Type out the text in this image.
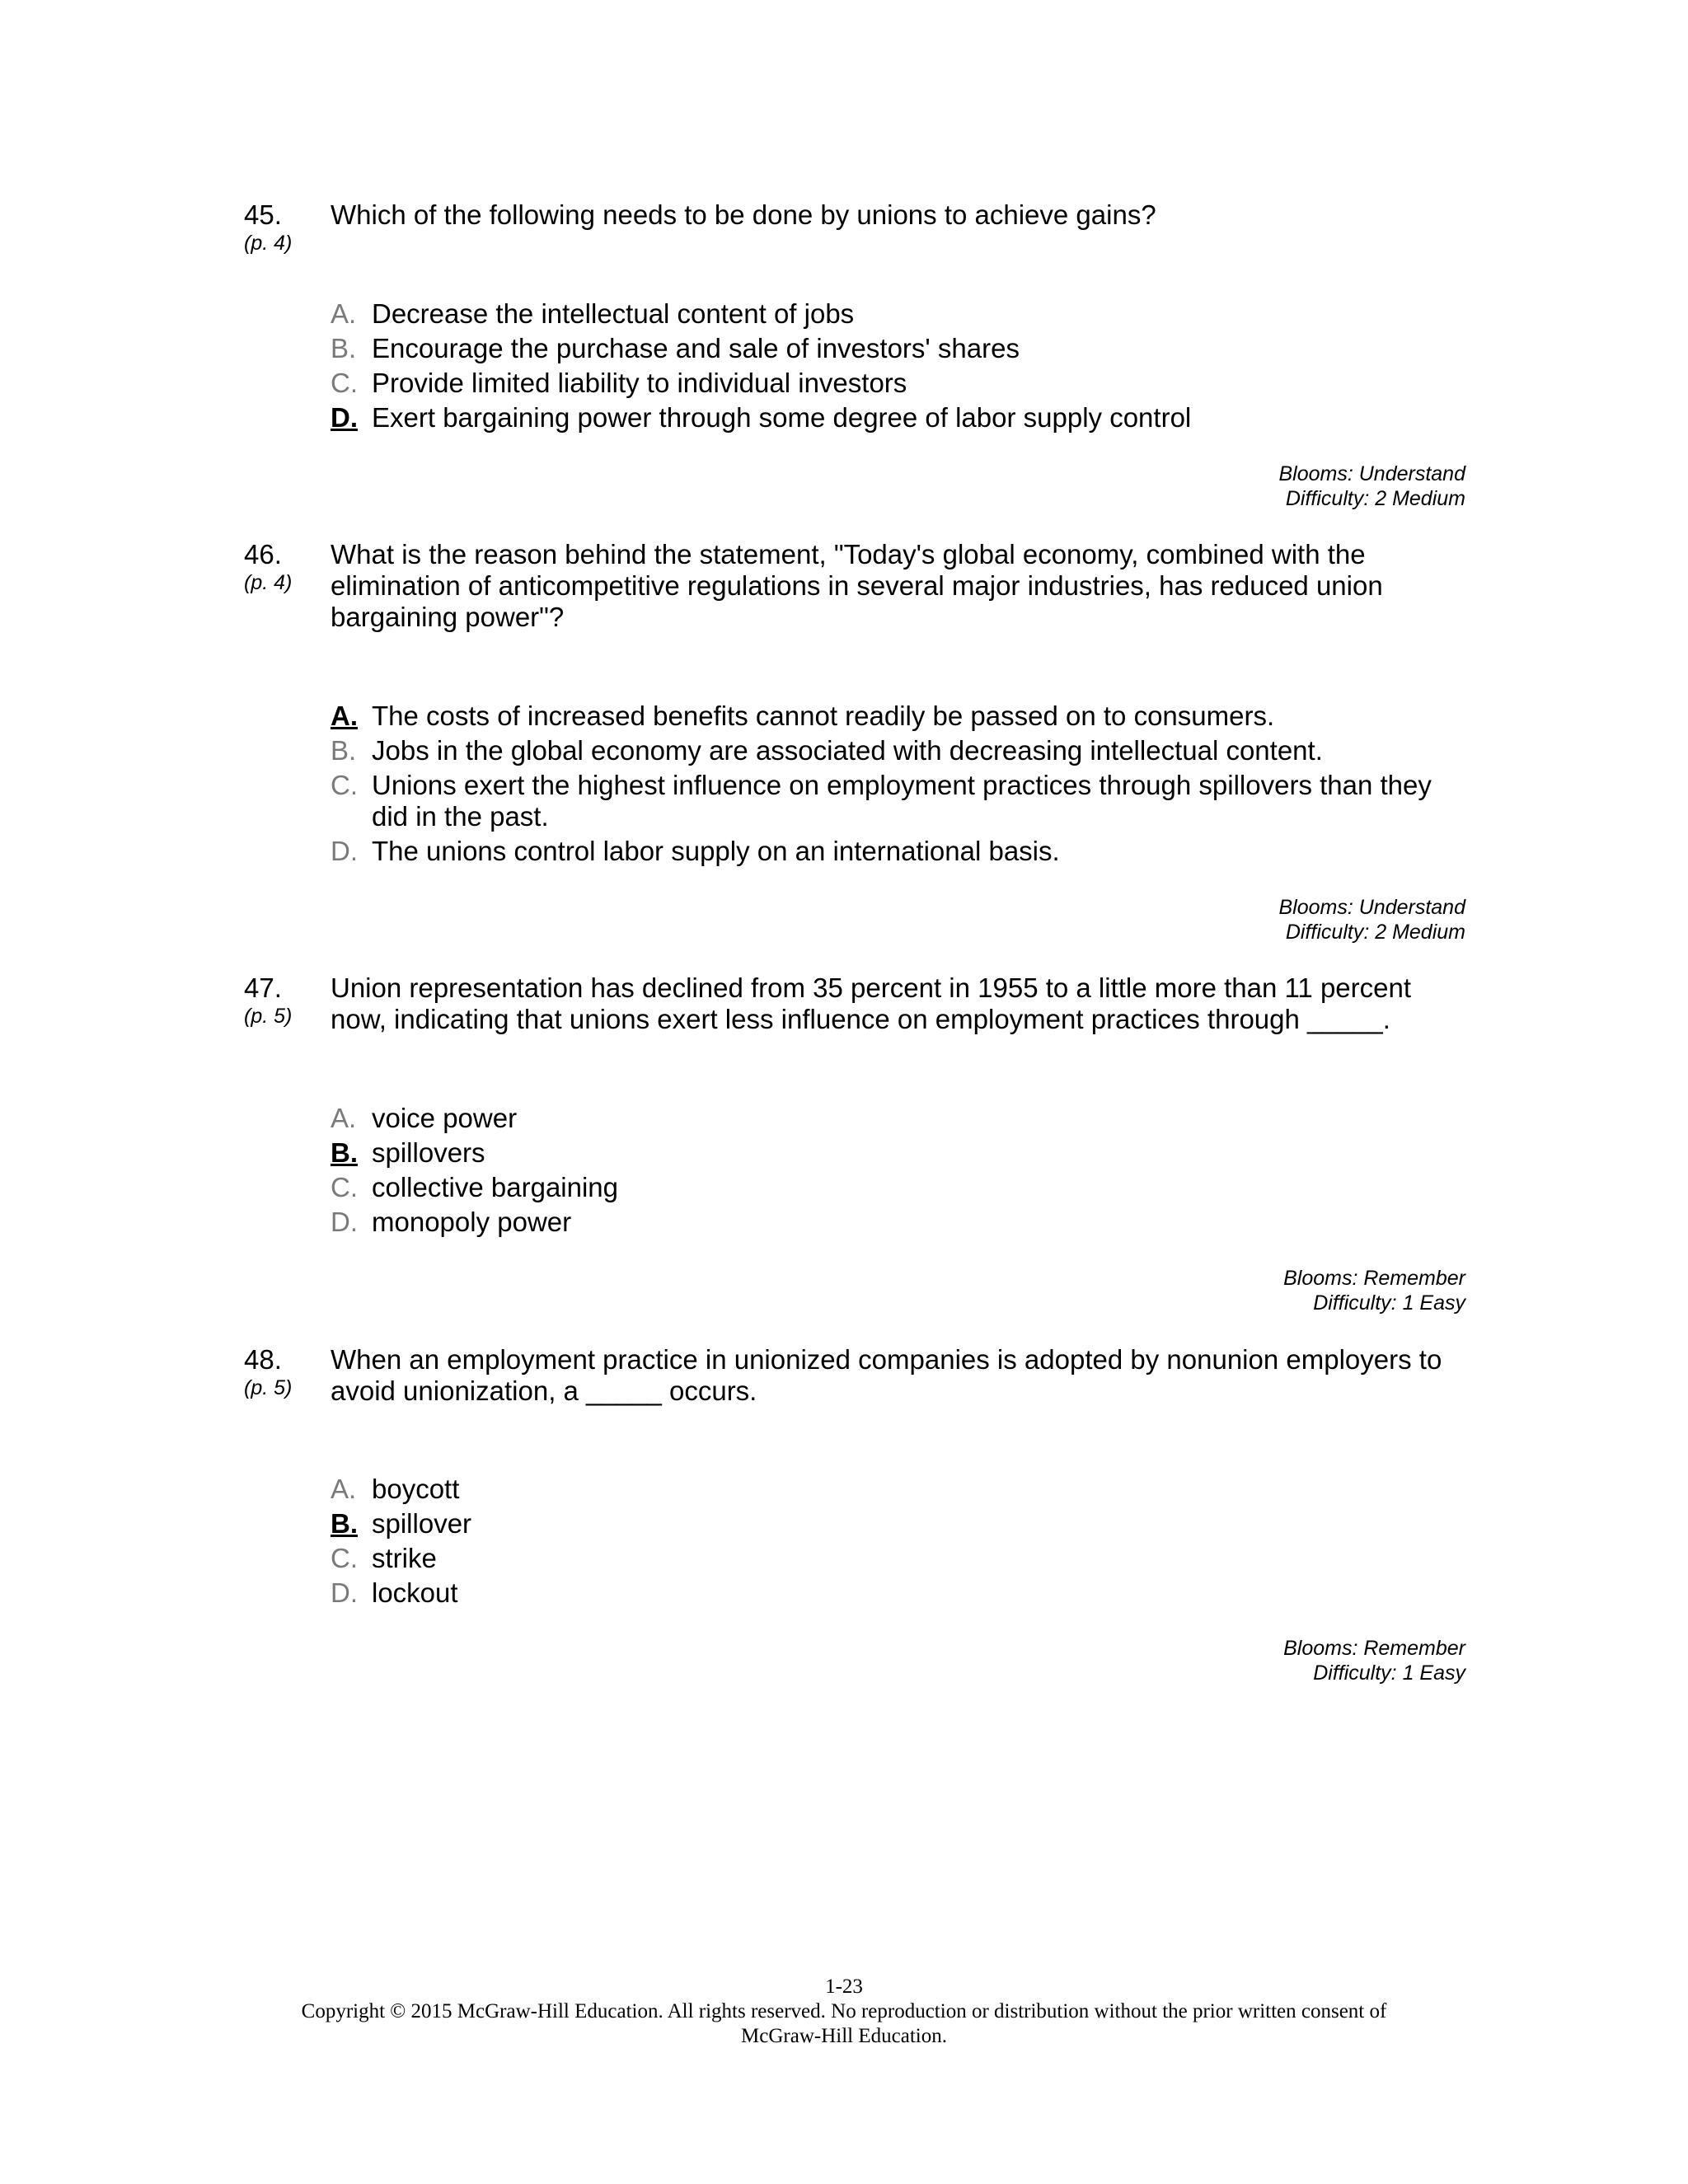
45.
(p. 4)
Which of the following needs to be done by unions to achieve gains?
A. Decrease the intellectual content of jobs
B. Encourage the purchase and sale of investors' shares
C. Provide limited liability to individual investors
D. Exert bargaining power through some degree of labor supply control
Blooms: Understand
Difficulty: 2 Medium
46.
(p. 4)
What is the reason behind the statement, "Today's global economy, combined with the elimination of anticompetitive regulations in several major industries, has reduced union bargaining power"?
A. The costs of increased benefits cannot readily be passed on to consumers.
B. Jobs in the global economy are associated with decreasing intellectual content.
C. Unions exert the highest influence on employment practices through spillovers than they did in the past.
D. The unions control labor supply on an international basis.
Blooms: Understand
Difficulty: 2 Medium
47.
(p. 5)
Union representation has declined from 35 percent in 1955 to a little more than 11 percent now, indicating that unions exert less influence on employment practices through _____.
A. voice power
B. spillovers
C. collective bargaining
D. monopoly power
Blooms: Remember
Difficulty: 1 Easy
48.
(p. 5)
When an employment practice in unionized companies is adopted by nonunion employers to avoid unionization, a _____ occurs.
A. boycott
B. spillover
C. strike
D. lockout
Blooms: Remember
Difficulty: 1 Easy
1-23
Copyright © 2015 McGraw-Hill Education. All rights reserved. No reproduction or distribution without the prior written consent of
McGraw-Hill Education.
